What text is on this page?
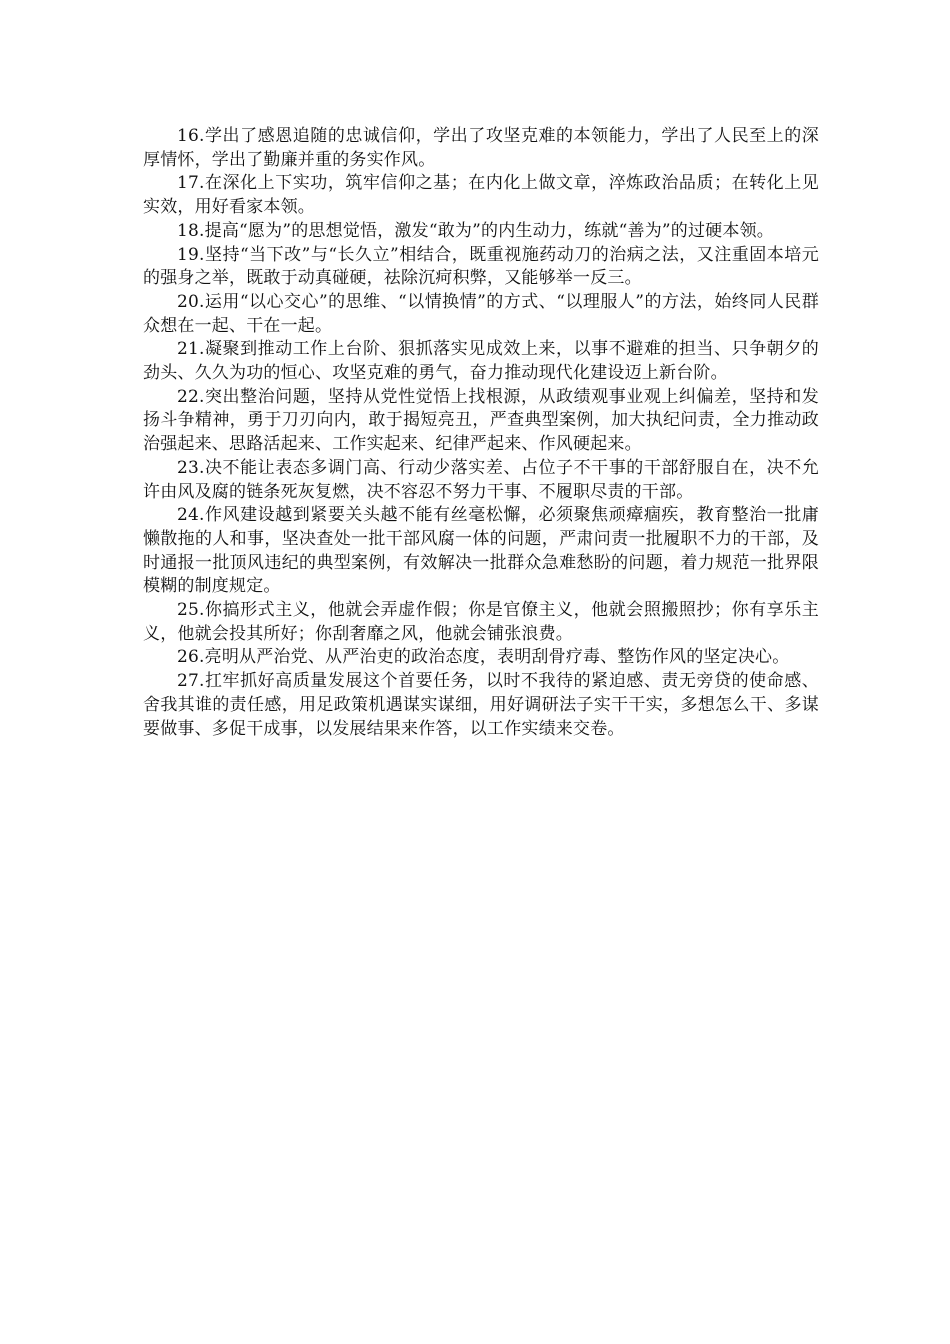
16.学出了感恩追随的忠诚信仰，学出了攻坚克难的本领能力，学出了人民至上的深厚情怀，学出了勤廉并重的务实作风。

17.在深化上下实功，筑牢信仰之基；在内化上做文章，淬炼政治品质；在转化上见实效，用好看家本领。

18.提高“愿为”的思想觉悟，激发“敢为”的内生动力，练就“善为”的过硬本领。

19.坚持“当下改”与“长久立”相结合，既重视施药动刀的治病之法，又注重固本培元的强身之举，既敢于动真碰硬，祛除沉疴积弊，又能够举一反三。

20.运用“以心交心”的思维、“以情换情”的方式、“以理服人”的方法，始终同人民群众想在一起、干在一起。

21.凝聚到推动工作上台阶、狠抓落实见成效上来，以事不避难的担当、只争朝夕的劲头、久久为功的恒心、攻坚克难的勇气，奋力推动现代化建设迈上新台阶。

22.突出整治问题，坚持从党性觉悟上找根源，从政绩观事业观上纠偏差，坚持和发扬斗争精神，勇于刀刃向内，敢于揭短亮丑，严查典型案例，加大执纪问责，全力推动政治强起来、思路活起来、工作实起来、纪律严起来、作风硬起来。

23.决不能让表态多调门高、行动少落实差、占位子不干事的干部舒服自在，决不允许由风及腐的链条死灰复燃，决不容忍不努力干事、不履职尽责的干部。

24.作风建设越到紧要关头越不能有丝毫松懈，必须聚焦顽瘴痼疾，教育整治一批庸懒散拖的人和事，坚决查处一批干部风腐一体的问题，严肃问责一批履职不力的干部，及时通报一批顶风违纪的典型案例，有效解决一批群众急难愁盼的问题，着力规范一批界限模糊的制度规定。

25.你搞形式主义，他就会弄虚作假；你是官僚主义，他就会照搬照抄；你有享乐主义，他就会投其所好；你刮奢靡之风，他就会铺张浪费。

26.亮明从严治党、从严治吏的政治态度，表明刮骨疗毒、整饬作风的坚定决心。

27.扛牢抓好高质量发展这个首要任务，以时不我待的紧迫感、责无旁贷的使命感、舍我其谁的责任感，用足政策机遇谋实谋细，用好调研法子实干干实，多想怎么干、多谋要做事、多促干成事，以发展结果来作答，以工作实绩来交卷。
